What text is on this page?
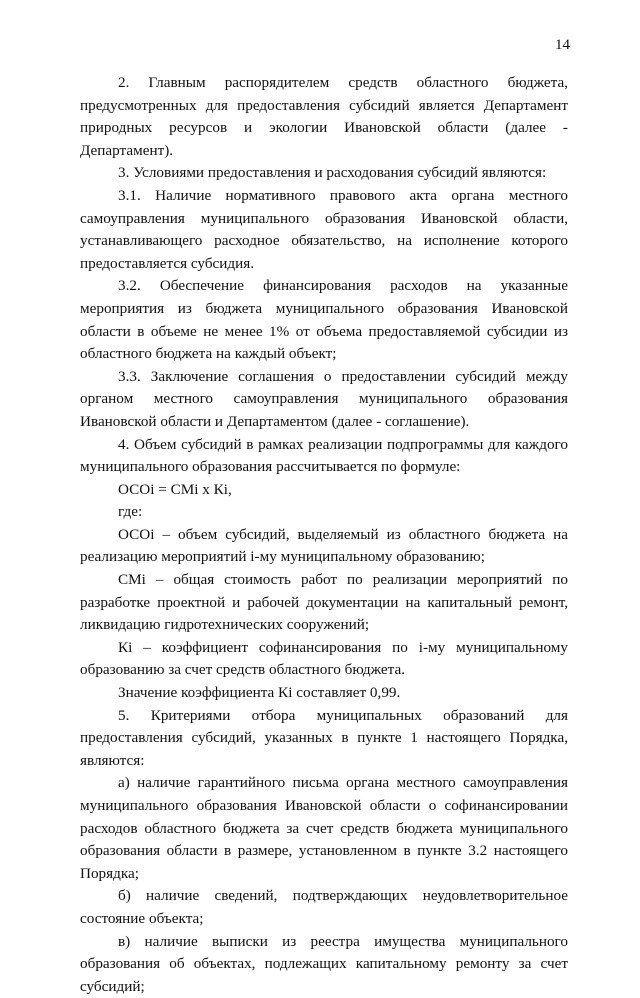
14

2. Главным распорядителем средств областного бюджета, предусмотренных для предоставления субсидий является Департамент природных ресурсов и экологии Ивановской области (далее - Департамент).

3. Условиями предоставления и расходования субсидий являются:

3.1. Наличие нормативного правового акта органа местного самоуправления муниципального образования Ивановской области, устанавливающего расходное обязательство, на исполнение которого предоставляется субсидия.

3.2. Обеспечение финансирования расходов на указанные мероприятия из бюджета муниципального образования Ивановской области в объеме не менее 1% от объема предоставляемой субсидии из областного бюджета на каждый объект;

3.3. Заключение соглашения о предоставлении субсидий между органом местного самоуправления муниципального образования Ивановской области и Департаментом (далее - соглашение).

4. Объем субсидий в рамках реализации подпрограммы для каждого муниципального образования рассчитывается по формуле:

ОСОi = СМi х Кi,

где:

ОСОi – объем субсидий, выделяемый из областного бюджета на реализацию мероприятий i-му муниципальному образованию;

СМi – общая стоимость работ по реализации мероприятий по разработке проектной и рабочей документации на капитальный ремонт, ликвидацию гидротехнических сооружений;

Кi – коэффициент софинансирования по i-му муниципальному образованию за счет средств областного бюджета.

Значение коэффициента Кi составляет 0,99.

5. Критериями отбора муниципальных образований для предоставления субсидий, указанных в пункте 1 настоящего Порядка, являются:

а) наличие гарантийного письма органа местного самоуправления муниципального образования Ивановской области о софинансировании расходов областного бюджета за счет средств бюджета муниципального образования области в размере, установленном в пункте 3.2 настоящего Порядка;

б) наличие сведений, подтверждающих неудовлетворительное состояние объекта;

в) наличие выписки из реестра имущества муниципального образования об объектах, подлежащих капитальному ремонту за счет субсидий;
